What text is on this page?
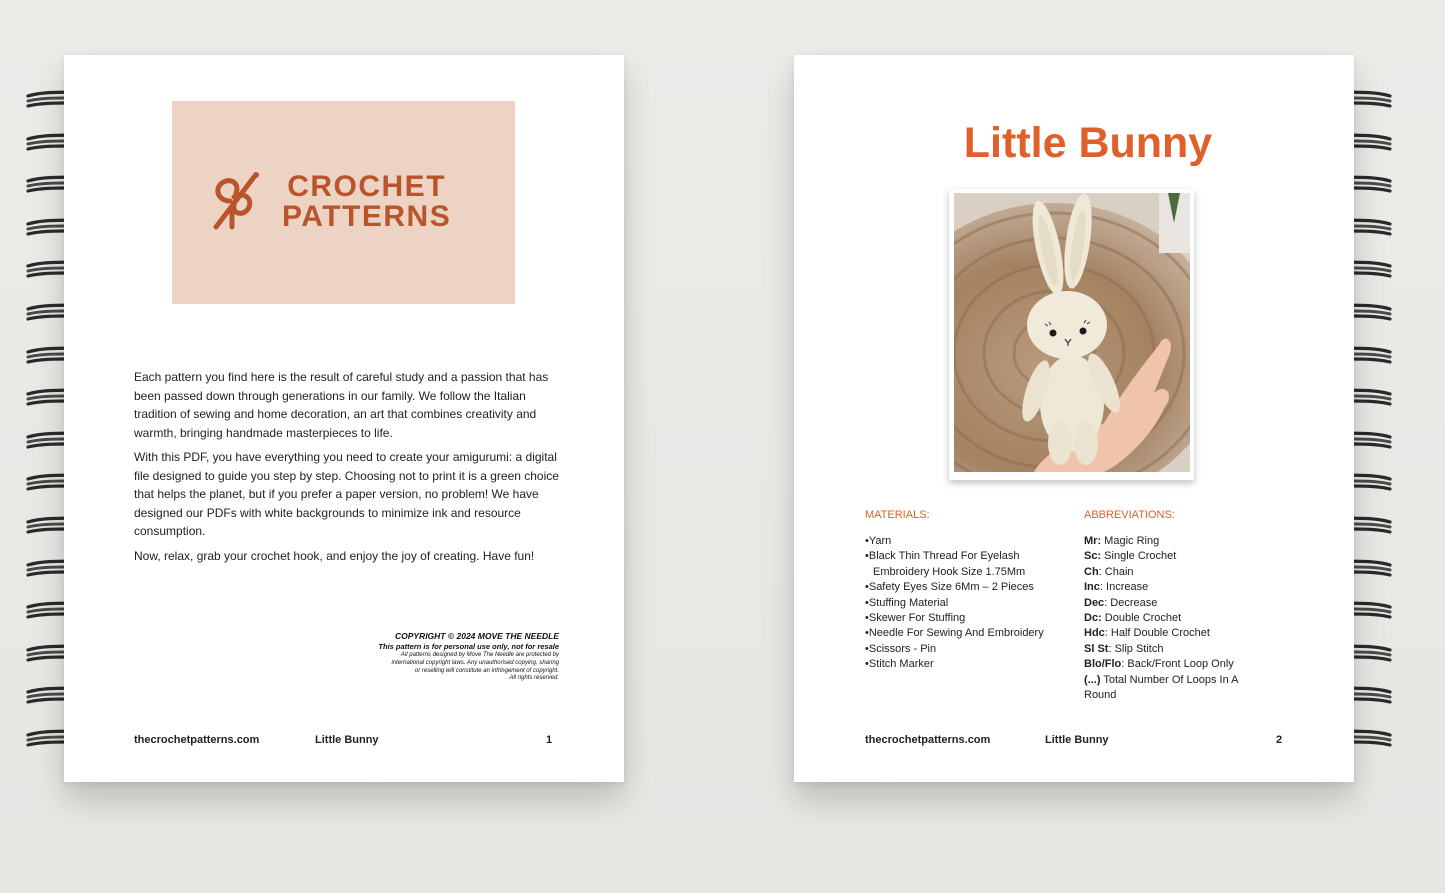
CROCHET
PATTERNS

Each pattern you find here is the result of careful study and a passion that has been passed down through generations in our family. We follow the Italian tradition of sewing and home decoration, an art that combines creativity and warmth, bringing handmade masterpieces to life.

With this PDF, you have everything you need to create your amigurumi: a digital file designed to guide you step by step. Choosing not to print it is a green choice that helps the planet, but if you prefer a paper version, no problem! We have designed our PDFs with white backgrounds to minimize ink and resource consumption.

Now, relax, grab your crochet hook, and enjoy the joy of creating. Have fun!

COPYRIGHT © 2024 MOVE THE NEEDLE
This pattern is for personal use only, not for resale
All patterns designed by Move The Needle are protected by
international copyright laws. Any unauthorised copying, sharing
or reselling will constitute an infringement of copyright.
All rights reserved.
thecrochetpatterns.com	Little Bunny	1
Little Bunny
MATERIALS:	ABBREVIATIONS:
•Yarn
•Black Thin Thread For Eyelash
Embroidery Hook Size 1.75Mm
•Safety Eyes Size 6Mm – 2 Pieces
•Stuffing Material
•Skewer For Stuffing
•Needle For Sewing And Embroidery
•Scissors - Pin
•Stitch Marker
Mr: Magic Ring
Sc: Single Crochet
Ch: Chain
Inc: Increase
Dec: Decrease
Dc: Double Crochet
Hdc: Half Double Crochet
Sl St: Slip Stitch
Blo/Flo: Back/Front Loop Only
(...) Total Number Of Loops In A
Round
thecrochetpatterns.com	Little Bunny	2
